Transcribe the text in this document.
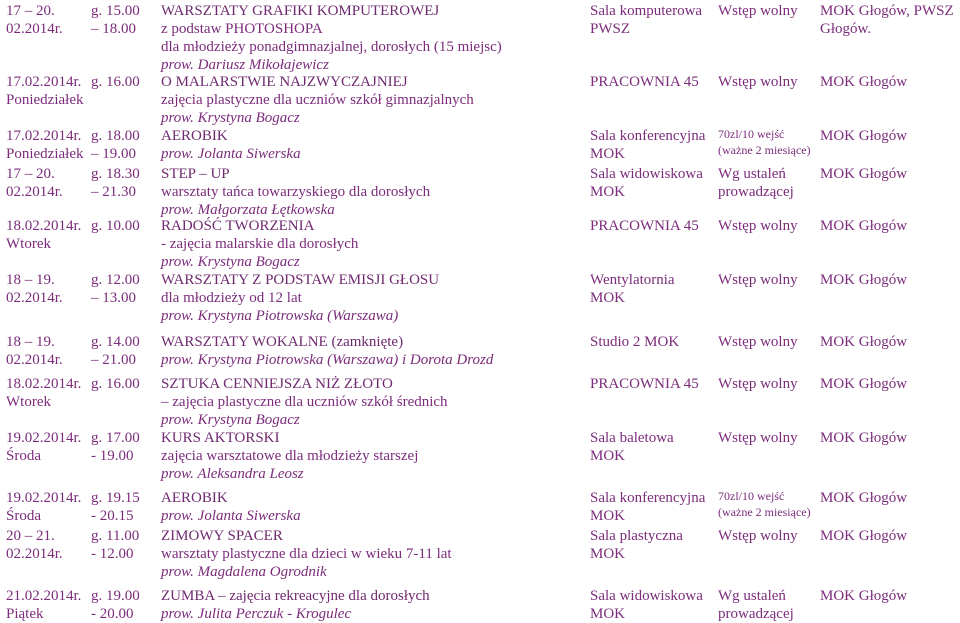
17 – 20.
02.2014r.
g. 15.00
– 18.00
WARSZTATY GRAFIKI KOMPUTEROWEJ
z podstaw PHOTOSHOPA
dla młodzieży ponadgimnazjalnej, dorosłych (15 miejsc)
prow. Dariusz Mikołajewicz
Sala komputerowa
PWSZ
Wstęp wolny MOK Głogów, PWSZ
Głogów.
17.02.2014r.
Poniedziałek
g. 16.00 O MALARSTWIE NAJZWYCZAJNIEJ
zajęcia plastyczne dla uczniów szkół gimnazjalnych
prow. Krystyna Bogacz
PRACOWNIA 45 Wstęp wolny MOK Głogów
17.02.2014r.
Poniedziałek
g. 18.00
– 19.00
AEROBIK
prow. Jolanta Siwerska
Sala konferencyjna
MOK
70zl/10 wejść
(ważne 2 miesiące)
MOK Głogów
17 – 20.
02.2014r.
g. 18.30
– 21.30
STEP – UP
warsztaty tańca towarzyskiego dla dorosłych
prow. Małgorzata Łętkowska
Sala widowiskowa
MOK
Wg ustaleń
prowadzącej
MOK Głogów
18.02.2014r.
Wtorek
g. 10.00 RADOŚĆ TWORZENIA
- zajęcia malarskie dla dorosłych
prow. Krystyna Bogacz
PRACOWNIA 45 Wstęp wolny MOK Głogów
18 – 19.
02.2014r.
g. 12.00
– 13.00
WARSZTATY Z PODSTAW EMISJI GŁOSU
dla młodzieży od 12 lat
prow. Krystyna Piotrowska (Warszawa)
Wentylatornia
MOK
Wstęp wolny MOK Głogów
18 – 19.
02.2014r.
g. 14.00
– 21.00
WARSZTATY WOKALNE (zamknięte)
prow. Krystyna Piotrowska (Warszawa) i Dorota Drozd
Studio 2 MOK	Wstęp wolny MOK Głogów
18.02.2014r.
Wtorek
g. 16.00 SZTUKA CENNIEJSZA NIŻ ZŁOTO
– zajęcia plastyczne dla uczniów szkół średnich
prow. Krystyna Bogacz
PRACOWNIA 45 Wstęp wolny MOK Głogów
19.02.2014r.
Środa
g. 17.00
- 19.00
KURS AKTORSKI
zajęcia warsztatowe dla młodzieży starszej
prow. Aleksandra Leosz
Sala baletowa
MOK
Wstęp wolny MOK Głogów
19.02.2014r.
Środa
g. 19.15
- 20.15
AEROBIK
prow. Jolanta Siwerska
Sala konferencyjna
MOK
70zl/10 wejść
(ważne 2 miesiące)
MOK Głogów
20 – 21.
02.2014r.
g. 11.00
- 12.00
ZIMOWY SPACER
warsztaty plastyczne dla dzieci w wieku 7-11 lat
prow. Magdalena Ogrodnik
Sala plastyczna
MOK
Wstęp wolny MOK Głogów
21.02.2014r.
Piątek
g. 19.00
- 20.00
ZUMBA – zajęcia rekreacyjne dla dorosłych
prow. Julita Perczuk - Krogulec
Sala widowiskowa
MOK
Wg ustaleń
prowadzącej
MOK Głogów
